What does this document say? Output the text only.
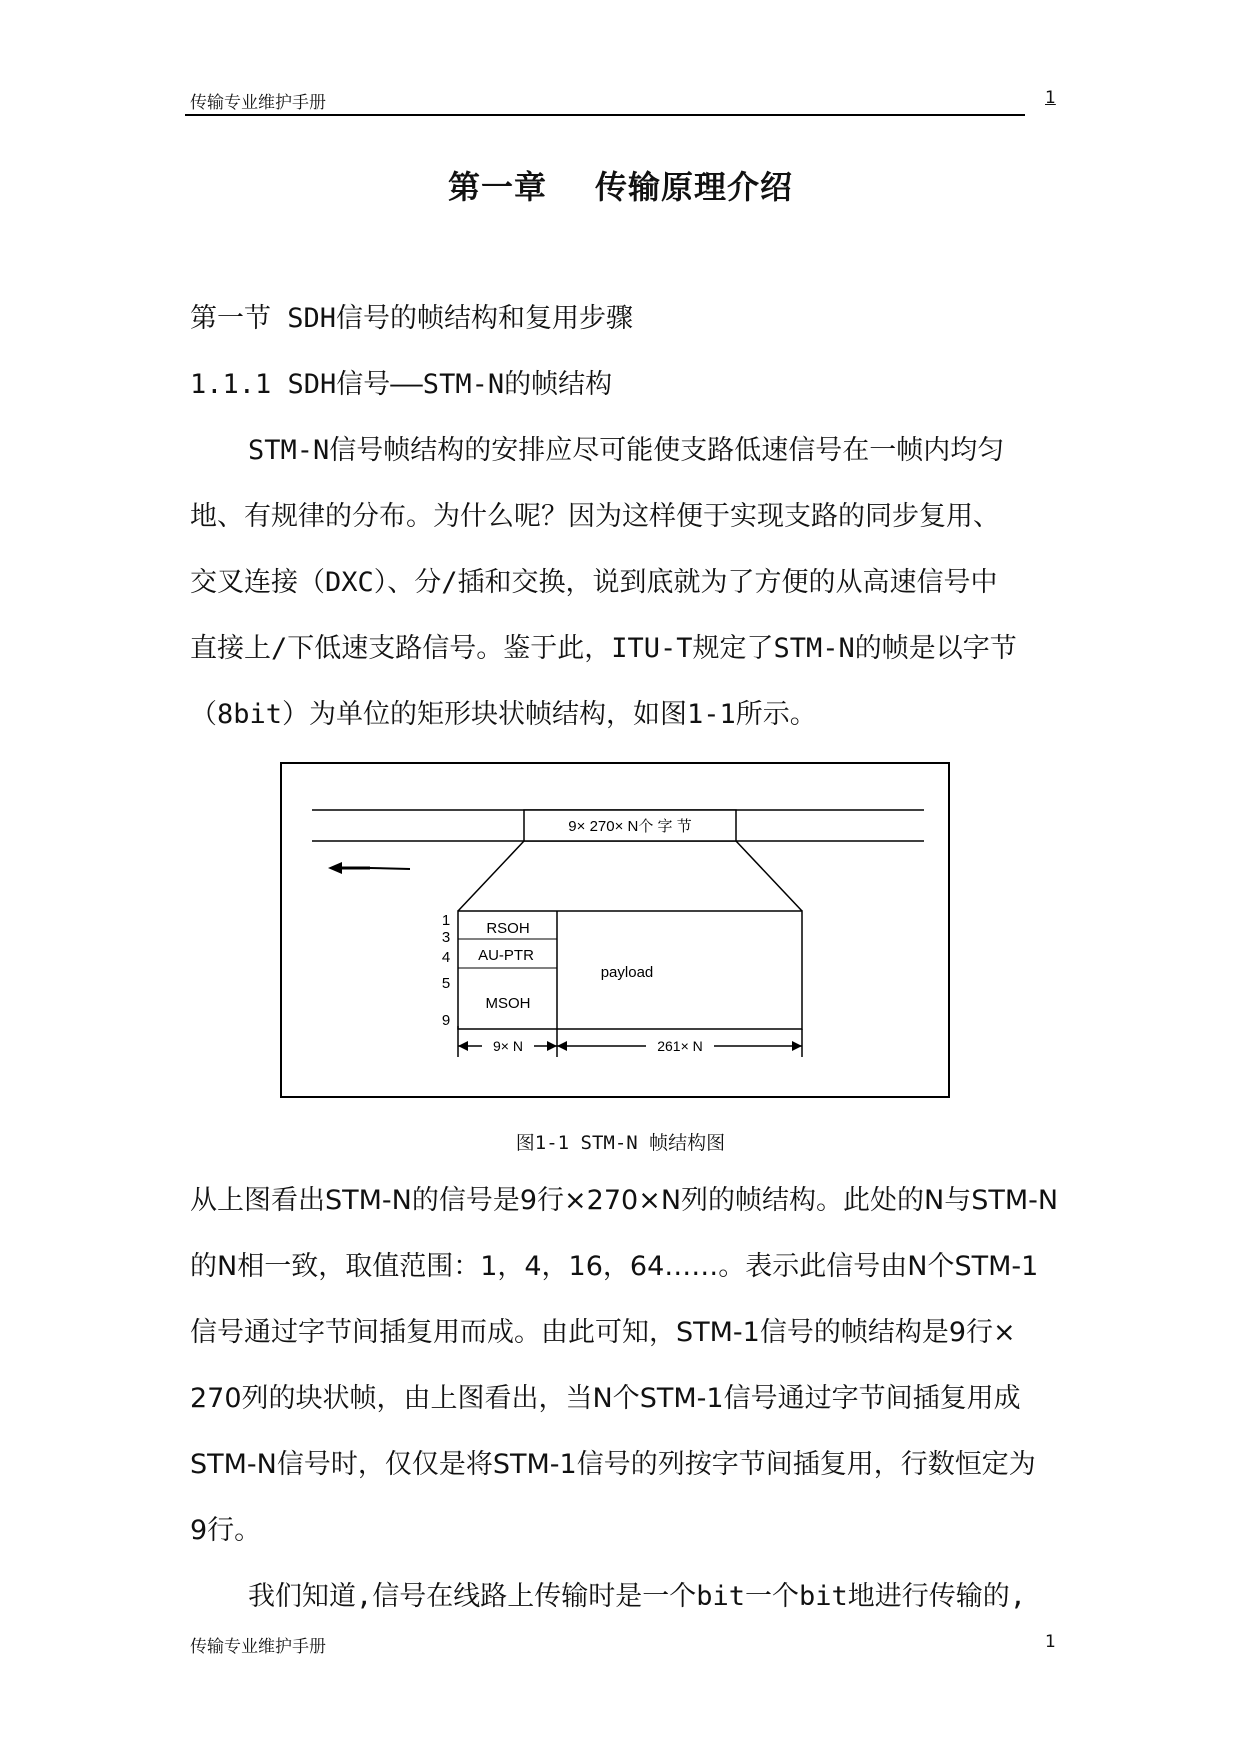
传输专业维护手册	1
第一章 传输原理介绍
第一节 SDH信号的帧结构和复用步骤
1.1.1 SDH信号——STM-N的帧结构
STM-N信号帧结构的安排应尽可能使支路低速信号在一帧内均匀
地、有规律的分布。为什么呢？因为这样便于实现支路的同步复用、
交叉连接（DXC）、分/插和交换，说到底就为了方便的从高速信号中
直接上/下低速支路信号。鉴于此，ITU-T规定了STM-N的帧是以字节
（8bit）为单位的矩形块状帧结构，如图1-1所示。
9× 270× N个 字 节
RSOH
AU-PTR
MSOH
payload
1
3
4
5
9
9× N	261× N
图1-1 STM-N 帧结构图
从上图看出STM-N的信号是9行×270×N列的帧结构。此处的N与STM-N
的N相一致，取值范围：1，4，16，64……。表示此信号由N个STM-1
信号通过字节间插复用而成。由此可知，STM-1信号的帧结构是9行×
270列的块状帧，由上图看出，当N个STM-1信号通过字节间插复用成
STM-N信号时，仅仅是将STM-1信号的列按字节间插复用，行数恒定为
9行。
我们知道,信号在线路上传输时是一个bit一个bit地进行传输的,
传输专业维护手册	1
